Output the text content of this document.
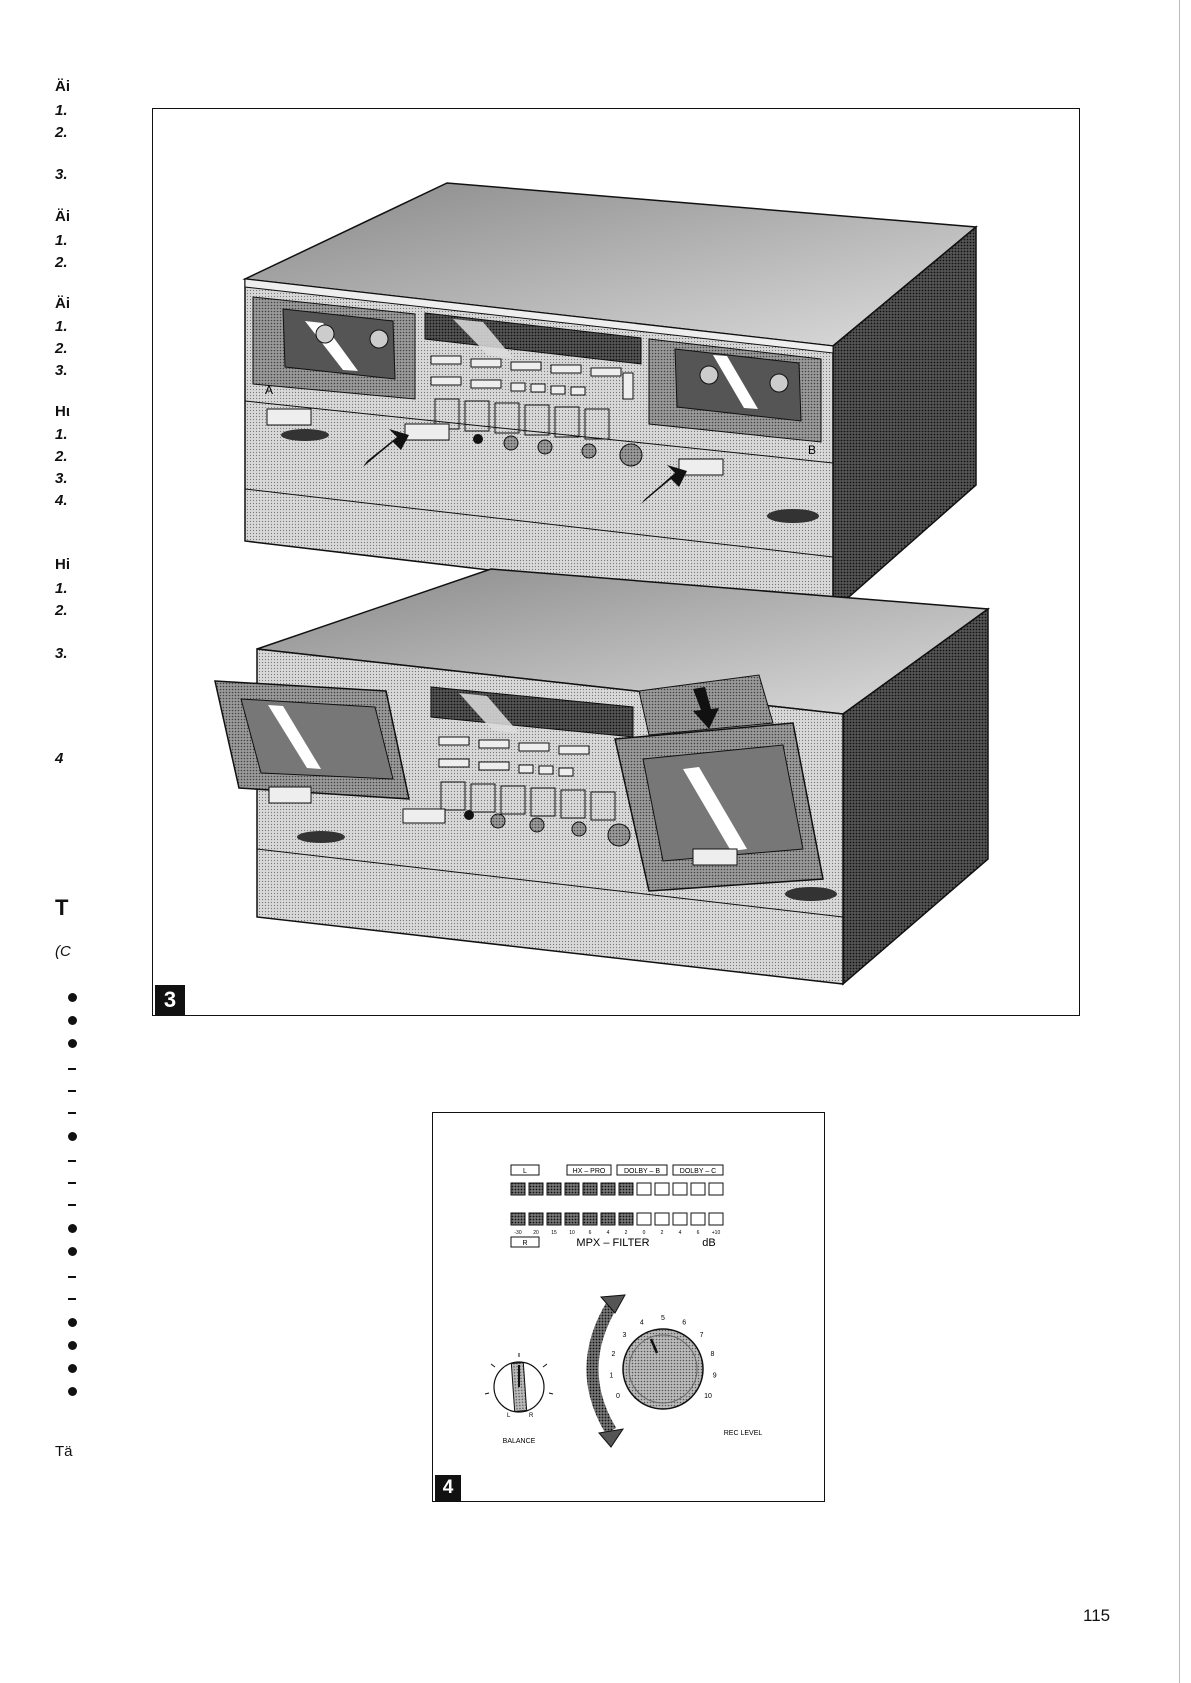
Äi
1.
2.
3.
Äi
1.
2.
Äi
1.
2.
3.
Hι
1.
2.
3.
4.
Hi
1.
2.
3.
4
T
(C
Tä
A
B
3
L	HX – PRO	DOLBY – B	DOLBY – C
-30 20 15 10	6	4	2	0	2	4	6 +10
R	MPX – FILTER	dB
L	R
BALANCE
0
1
2
3
4
5
6
7
8
9
10
REC LEVEL
4
115
